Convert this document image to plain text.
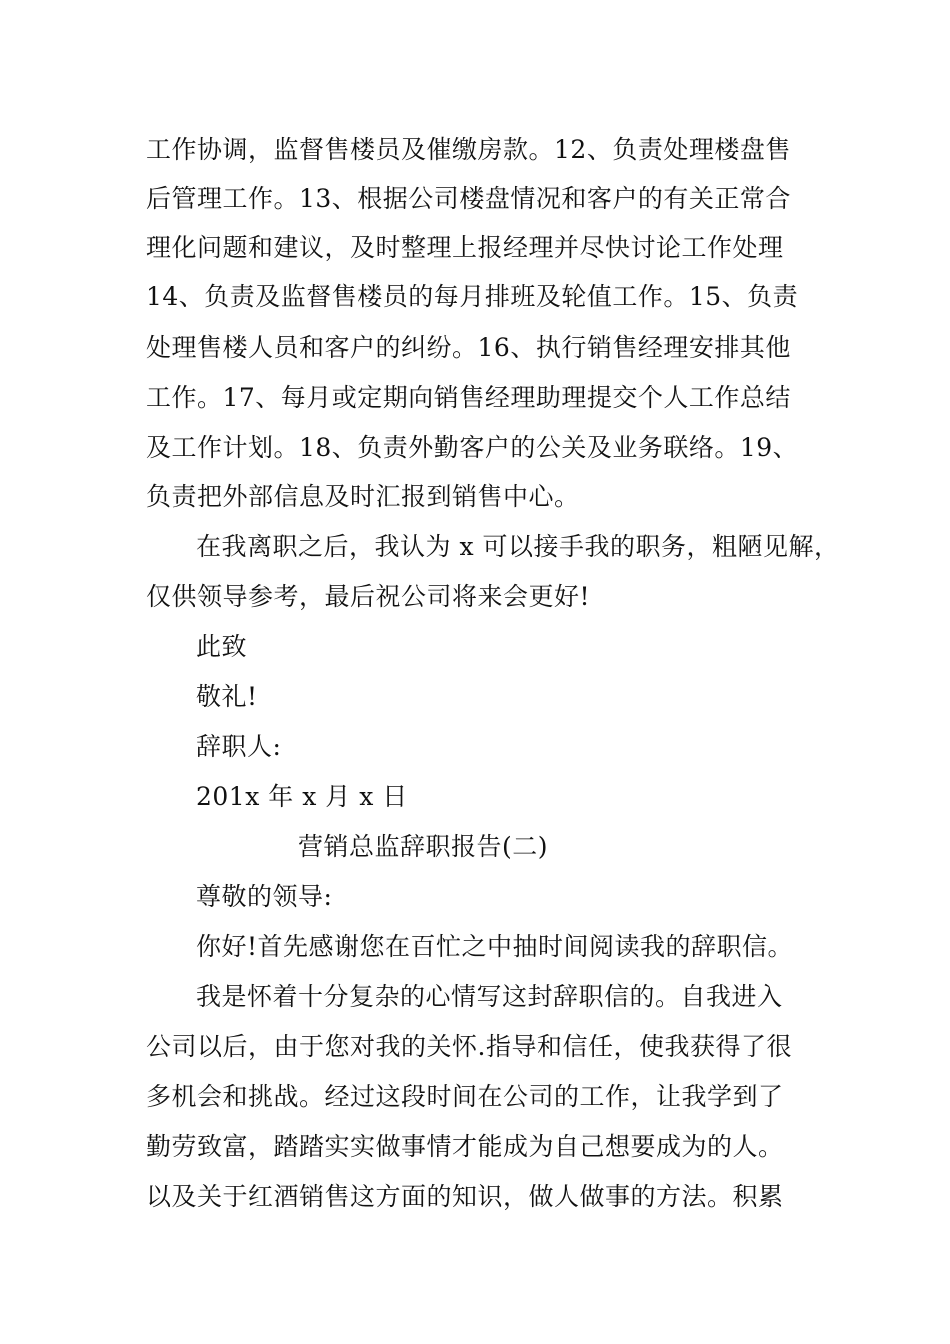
工作协调，监督售楼员及催缴房款。12、负责处理楼盘售
后管理工作。13、根据公司楼盘情况和客户的有关正常合
理化问题和建议，及时整理上报经理并尽快讨论工作处理
14、负责及监督售楼员的每月排班及轮值工作。15、负责
处理售楼人员和客户的纠纷。16、执行销售经理安排其他
工作。17、每月或定期向销售经理助理提交个人工作总结
及工作计划。18、负责外勤客户的公关及业务联络。19、
负责把外部信息及时汇报到销售中心。
在我离职之后，我认为 x 可以接手我的职务，粗陋见解，
仅供领导参考，最后祝公司将来会更好!
此致
敬礼!
辞职人:
201x 年 x 月 x 日
营销总监辞职报告(二)
尊敬的领导:
你好!首先感谢您在百忙之中抽时间阅读我的辞职信。
我是怀着十分复杂的心情写这封辞职信的。自我进入
公司以后，由于您对我的关怀.指导和信任，使我获得了很
多机会和挑战。经过这段时间在公司的工作，让我学到了
勤劳致富，踏踏实实做事情才能成为自己想要成为的人。
以及关于红酒销售这方面的知识，做人做事的方法。积累
